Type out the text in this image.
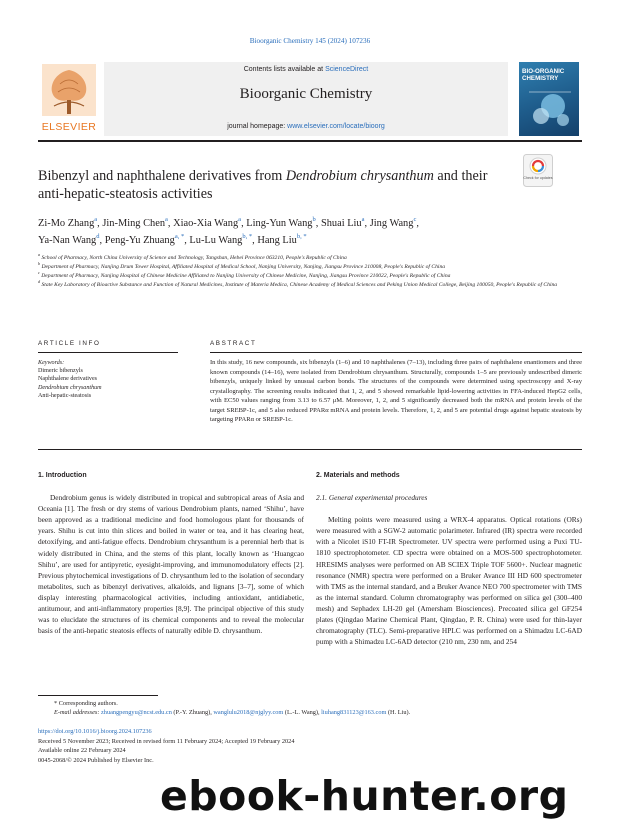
Bioorganic Chemistry 145 (2024) 107236
ELSEVIER
Contents lists available at ScienceDirect
Bioorganic Chemistry
journal homepage: www.elsevier.com/locate/bioorg
BIO-ORGANIC CHEMISTRY
Bibenzyl and naphthalene derivatives from Dendrobium chrysanthum and their anti-hepatic-steatosis activities
Check for updates
Zi-Mo Zhang$^a$, Jin-Ming Chen$^a$, Xiao-Xia Wang$^a$, Ling-Yun Wang$^b$, Shuai Liu$^a$, Jing Wang$^c$,
Ya-Nan Wang$^d$, Peng-Yu Zhuang$^{a, *}$, Lu-Lu Wang$^{b, *}$, Hang Liu$^{b, *}$
$^a$ School of Pharmacy, North China University of Science and Technology, Tangshan, Hebei Province 063210, People's Republic of China
$^b$ Department of Pharmacy, Nanjing Drum Tower Hospital, Affiliated Hospital of Medical School, Nanjing University, Nanjing, Jiangsu Province 210008, People's Republic of China
$^c$ Department of Pharmacy, Nanjing Hospital of Chinese Medicine Affiliated to Nanjing University of Chinese Medicine, Nanjing, Jiangsu Province 210022, People's Republic of China
$^d$ State Key Laboratory of Bioactive Substance and Function of Natural Medicines, Institute of Materia Medica, Chinese Academy of Medical Sciences and Peking Union Medical College, Beijing 100050, People's Republic of China
ARTICLE INFO	ABSTRACT
Keywords:
Dimeric bibenzyls
Naphthalene derivatives
Dendrobium chrysanthum
Anti-hepatic-steatosis
In this study, 16 new compounds, six bibenzyls (1–6) and 10 naphthalenes (7–13), including three pairs of naphthalene enantiomers and three known compounds (14–16), were isolated from Dendrobium chrysanthum. Structurally, compounds 1–5 are previously undescribed dimeric bibenzyls, uniquely linked by unusual carbon bonds. The structures of the compounds were determined using spectroscopy and X-ray crystallography. The screening results indicated that 1, 2, and 5 showed remarkable lipid-lowering activities in FFA-induced HepG2 cells, with EC50 values ranging from 3.13 to 6.57 μM. Moreover, 1, 2, and 5 significantly decreased both the mRNA and protein levels of the target SREBP-1c, and 5 also reduced PPARα mRNA and protein levels. Therefore, 1, 2, and 5 are potential drugs against hepatic steatosis by targeting PPARα or SREBP-1c.
1. Introduction

Dendrobium genus is widely distributed in tropical and subtropical areas of Asia and Oceania [1]. The fresh or dry stems of various Dendrobium plants, named ‘Shihu’, have been approved as a traditional medicine and food homologous plant for thousands of years. Shihu is cut into thin slices and boiled in water or tea, and it has clearing heat, detoxifying, and anti-fatigue effects. Dendrobium chrysanthum is a perennial herb that is widely distributed in China, and the stems of this plant, locally known as ‘Huangcao Shihu’, are used for antipyretic, eyesight-improving, and immunomodulatory effects [2]. Previous phytochemical investigations of D. chrysanthum led to the isolation of secondary metabolites, such as bibenzyl derivatives, alkaloids, and lignans [3–7], some of which display interesting pharmacological activities, including antioxidant, antidiabetic, antitumour, and anti-inflammatory properties [8,9]. The principal objective of this study was to elucidate the structures of its chemical components and to reveal the molecular basis of the anti-hepatic steatosis effects of naturally edible D. chrysanthum.

2. Materials and methods
2.1. General experimental procedures

Melting points were measured using a WRX-4 apparatus. Optical rotations (ORs) were measured with a SGW-2 automatic polarimeter. Infrared (IR) spectra were recorded with a Nicolet iS10 FT-IR Spectrometer. UV spectra were performed using a Puxi TU-1810 spectrophotometer. CD spectra were obtained on a MOS-500 spectrophotometer. HRESIMS analyses were performed on AB SCIEX Triple TOF 5600+. Nuclear magnetic resonance (NMR) spectra were performed on a Bruker Avance III HD 600 spectrometer with TMS as the internal standard, and a Bruker Avance NEO 700 spectrometer with TMS as the internal standard. Column chromatography was performed on silica gel (300–400 mesh) and Sephadex LH-20 gel (Amersham Biosciences). Precoated silica gel GF254 plates (Qingdao Marine Chemical Plant, Qingdao, P. R. China) were used for thin-layer chromatography (TLC). Semi-preparative HPLC was performed on a Shimadzu LC-6AD pump with a Shimadzu LC-6AD detector (210 nm, 230 nm, and 254

* Corresponding authors.
E-mail addresses: zhuangpengyu@ncst.edu.cn (P.-Y. Zhuang), wanglulu2018@njglyy.com (L.-L. Wang), liuhang831123@163.com (H. Liu).
https://doi.org/10.1016/j.bioorg.2024.107236
Received 5 November 2023; Received in revised form 11 February 2024; Accepted 19 February 2024
Available online 22 February 2024
0045-2068/© 2024 Published by Elsevier Inc.
ebook-hunter.org
